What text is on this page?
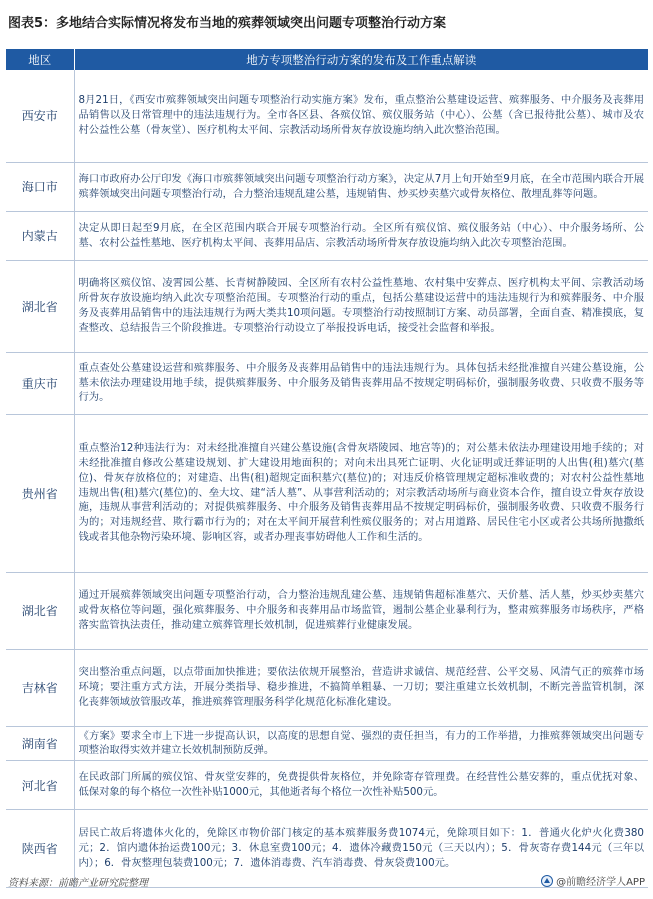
图表5：多地结合实际情况将发布当地的殡葬领域突出问题专项整治行动方案
地区	地方专项整治行动方案的发布及工作重点解读
西安市	8月21日，《西安市殡葬领域突出问题专项整治行动实施方案》发布，重点整治公墓建设运营、殡葬服务、中介服务及丧葬用品销售以及日常管理中的违法违规行为。全市各区县、各殡仪馆、殡仪服务站（中心）、公墓（含已报待批公墓）、城市及农村公益性公墓（骨灰堂）、医疗机构太平间、宗教活动场所骨灰存放设施均纳入此次整治范围。
海口市	海口市政府办公厅印发《海口市殡葬领域突出问题专项整治行动方案》，决定从7月上旬开始至9月底，在全市范围内联合开展殡葬领域突出问题专项整治行动，合力整治违规乱建公墓，违规销售、炒买炒卖墓穴或骨灰格位、散埋乱葬等问题。
内蒙古	决定从即日起至9月底，在全区范围内联合开展专项整治行动。全区所有殡仪馆、殡仪服务站（中心）、中介服务场所、公墓、农村公益性墓地、医疗机构太平间、丧葬用品店、宗教活动场所骨灰存放设施均纳入此次专项整治范围。
湖北省	明确将区殡仪馆、凌霄园公墓、长青树静陵园、全区所有农村公益性墓地、农村集中安葬点、医疗机构太平间、宗教活动场所骨灰存放设施均纳入此次专项整治范围。专项整治行动的重点，包括公墓建设运营中的违法违规行为和殡葬服务、中介服务及丧葬用品销售中的违法违规行为两大类共10项问题。专项整治行动按照制订方案、动员部署，全面自查、精准摸底，复查整改、总结报告三个阶段推进。专项整治行动设立了举报投诉电话，接受社会监督和举报。
重庆市	重点查处公墓建设运营和殡葬服务、中介服务及丧葬用品销售中的违法违规行为。具体包括未经批准擅自兴建公墓设施，公墓未依法办理建设用地手续，提供殡葬服务、中介服务及销售丧葬用品不按规定明码标价，强制服务收费、只收费不服务等行为。
贵州省	重点整治12种违法行为：对未经批准擅自兴建公墓设施(含骨灰塔陵园、地宫等)的；对公墓未依法办理建设用地手续的；对未经批准擅自修改公墓建设规划、扩大建设用地面积的；对向未出具死亡证明、火化证明或迁葬证明的人出售(租)墓穴(墓位)、骨灰存放格位的；对建造、出售(租)超规定面积墓穴(墓位)的；对违反价格管理规定超标准收费的；对农村公益性墓地违规出售(租)墓穴(墓位)的、垒大坟、建“活人墓”、从事营利活动的；对宗教活动场所与商业资本合作，擅自设立骨灰存放设施，违规从事营利活动的；对提供殡葬服务、中介服务及销售丧葬用品不按规定明码标价，强制服务收费、只收费不服务行为的；对违规经营、欺行霸市行为的；对在太平间开展营利性殡仪服务的；对占用道路、居民住宅小区或者公共场所抛撒纸钱或者其他杂物污染环境、影响区容，或者办理丧事妨碍他人工作和生活的。
湖北省	通过开展殡葬领域突出问题专项整治行动，合力整治违规乱建公墓、违规销售超标准墓穴、天价墓、活人墓，炒买炒卖墓穴或骨灰格位等问题，强化殡葬服务、中介服务和丧葬用品市场监管，遏制公墓企业暴利行为，整肃殡葬服务市场秩序，严格落实监管执法责任，推动建立殡葬管理长效机制，促进殡葬行业健康发展。
吉林省	突出整治重点问题，以点带面加快推进；要依法依规开展整治，营造讲求诚信、规范经营、公平交易、风清气正的殡葬市场环境；要注重方式方法，开展分类指导、稳步推进，不搞简单粗暴、一刀切；要注重建立长效机制，不断完善监管机制，深化丧葬领域放管服改革，推进殡葬管理服务科学化规范化标准化建设。
湖南省	《方案》要求全市上下进一步提高认识，以高度的思想自觉、强烈的责任担当，有力的工作举措，力推殡葬领域突出问题专项整治取得实效并建立长效机制预防反弹。
河北省	在民政部门所属的殡仪馆、骨灰堂安葬的，免费提供骨灰格位，并免除寄存管理费。在经营性公墓安葬的，重点优抚对象、低保对象的每个格位一次性补贴1000元，其他逝者每个格位一次性补贴500元。
陕西省	居民亡故后将遗体火化的，免除区市物价部门核定的基本殡葬服务费1074元，免除项目如下：1．普通火化炉火化费380元；2．馆内遗体抬运费100元；3．休息室费100元；4．遗体冷藏费150元（三天以内）；5．骨灰寄存费144元（三年以内）；6．骨灰整理包装费100元；7．遗体消毒费、汽车消毒费、骨灰袋费100元。
资料来源：前瞻产业研究院整理	@前瞻经济学人APP
